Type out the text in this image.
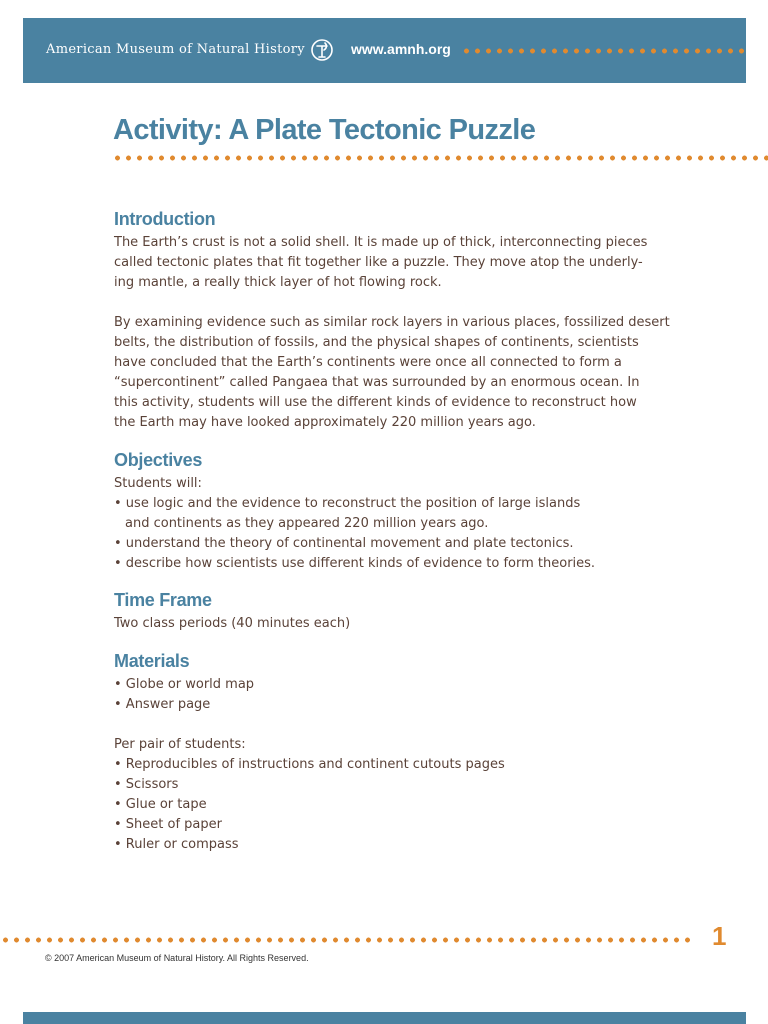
American Museum of Natural History	www.amnh.org
Activity: A Plate Tectonic Puzzle
Introduction
The Earth’s crust is not a solid shell. It is made up of thick, interconnecting pieces
called tectonic plates that fit together like a puzzle. They move atop the underly-
ing mantle, a really thick layer of hot flowing rock.
By examining evidence such as similar rock layers in various places, fossilized desert
belts, the distribution of fossils, and the physical shapes of continents, scientists
have concluded that the Earth’s continents were once all connected to form a
“supercontinent” called Pangaea that was surrounded by an enormous ocean. In
this activity, students will use the different kinds of evidence to reconstruct how
the Earth may have looked approximately 220 million years ago.
Objectives
Students will:
• use logic and the evidence to reconstruct the position of large islands
and continents as they appeared 220 million years ago.
• understand the theory of continental movement and plate tectonics.
• describe how scientists use different kinds of evidence to form theories.
Time Frame
Two class periods (40 minutes each)
Materials
• Globe or world map
• Answer page
Per pair of students:
• Reproducibles of instructions and continent cutouts pages
• Scissors
• Glue or tape
• Sheet of paper
• Ruler or compass
1
© 2007 American Museum of Natural History. All Rights Reserved.
